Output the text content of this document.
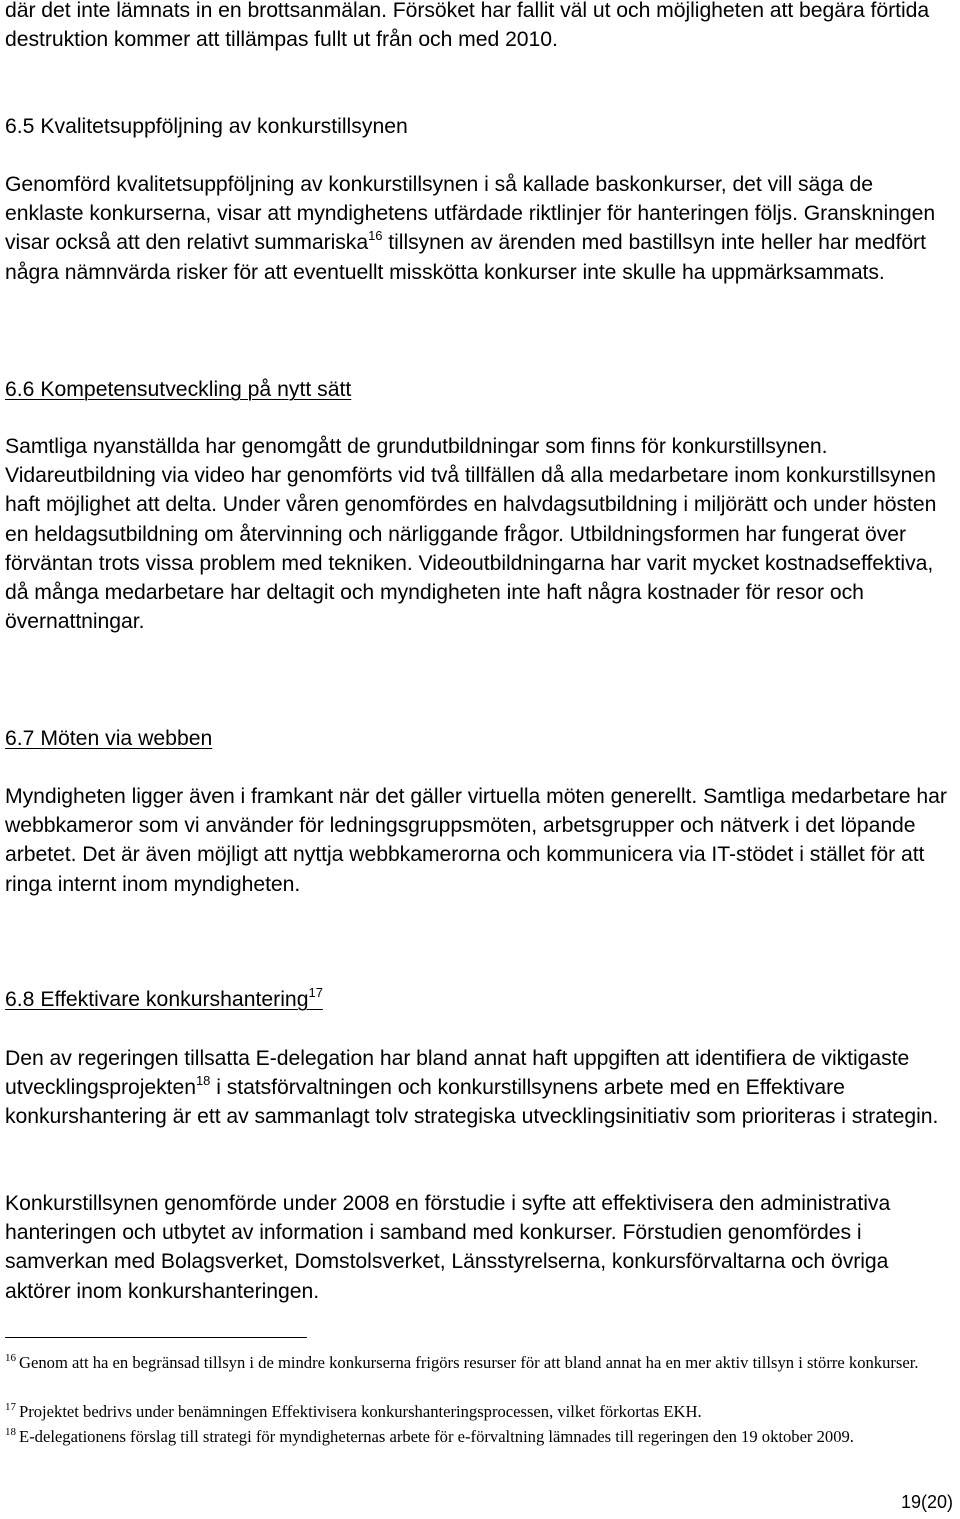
där det inte lämnats in en brottsanmälan. Försöket har fallit väl ut och möjligheten att begära förtida destruktion kommer att tillämpas fullt ut från och med 2010.

6.5 Kvalitetsuppföljning av konkurstillsynen

Genomförd kvalitetsuppföljning av konkurstillsynen i så kallade baskonkurser, det vill säga de enklaste konkurserna, visar att myndighetens utfärdade riktlinjer för hanteringen följs. Granskningen visar också att den relativt summariska$^{16}$ tillsynen av ärenden med bastillsyn inte heller har medfört några nämnvärda risker för att eventuellt misskötta konkurser inte skulle ha uppmärksammats.

6.6 Kompetensutveckling på nytt sätt

Samtliga nyanställda har genomgått de grundutbildningar som finns för konkurstillsynen. Vidareutbildning via video har genomförts vid två tillfällen då alla medarbetare inom konkurstillsynen haft möjlighet att delta. Under våren genomfördes en halvdagsutbildning i miljörätt och under hösten en heldagsutbildning om återvinning och närliggande frågor. Utbildningsformen har fungerat över förväntan trots vissa problem med tekniken. Videoutbildningarna har varit mycket kostnadseffektiva, då många medarbetare har deltagit och myndigheten inte haft några kostnader för resor och övernattningar.

6.7 Möten via webben

Myndigheten ligger även i framkant när det gäller virtuella möten generellt. Samtliga medarbetare har webbkameror som vi använder för ledningsgruppsmöten, arbetsgrupper och nätverk i det löpande arbetet. Det är även möjligt att nyttja webbkamerorna och kommunicera via IT-stödet i stället för att ringa internt inom myndigheten.

6.8 Effektivare konkurshantering$^{17}$

Den av regeringen tillsatta E-delegation har bland annat haft uppgiften att identifiera de viktigaste utvecklingsprojekten$^{18}$ i statsförvaltningen och konkurstillsynens arbete med en Effektivare konkurshantering är ett av sammanlagt tolv strategiska utvecklingsinitiativ som prioriteras i strategin.

Konkurstillsynen genomförde under 2008 en förstudie i syfte att effektivisera den administrativa hanteringen och utbytet av information i samband med konkurser. Förstudien genomfördes i samverkan med Bolagsverket, Domstolsverket, Länsstyrelserna, konkursförvaltarna och övriga aktörer inom konkurshanteringen.

$^{16}$ Genom att ha en begränsad tillsyn i de mindre konkurserna frigörs resurser för att bland annat ha en mer aktiv tillsyn i större konkurser.

$^{17}$ Projektet bedrivs under benämningen Effektivisera konkurshanteringsprocessen, vilket förkortas EKH.

$^{18}$ E-delegationens förslag till strategi för myndigheternas arbete för e-förvaltning lämnades till regeringen den 19 oktober 2009.

19(20)
